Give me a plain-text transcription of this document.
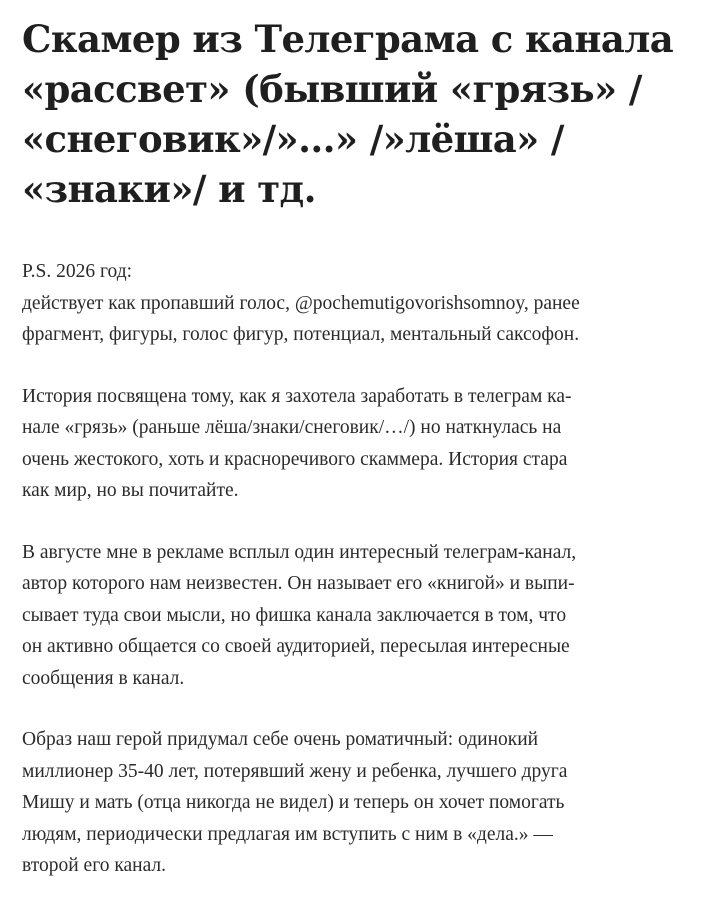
Скамер из Телеграма с канала
«рассвет» (бывший «грязь» /
«снеговик»/»...» /»лёша» /
«знаки»/ и тд.

P.S. 2026 год:
действует как пропавший голос, @pochemutigovorishsomnoy, ранее
фрагмент, фигуры, голос фигур, потенциал, ментальный саксофон.

История посвящена тому, как я захотела заработать в телеграм ка-
нале «грязь» (раньше лёша/знаки/снеговик/…/) но наткнулась на
очень жестокого, хоть и красноречивого скаммера. История стара
как мир, но вы почитайте.

В августе мне в рекламе всплыл один интересный телеграм-канал,
автор которого нам неизвестен. Он называет его «книгой» и выпи-
сывает туда свои мысли, но фишка канала заключается в том, что
он активно общается со своей аудиторией, пересылая интересные
сообщения в канал.

Образ наш герой придумал себе очень роматичный: одинокий
миллионер 35-40 лет, потерявший жену и ребенка, лучшего друга
Мишу и мать (отца никогда не видел) и теперь он хочет помогать
людям, периодически предлагая им вступить с ним в «дела.» —
второй его канал.
